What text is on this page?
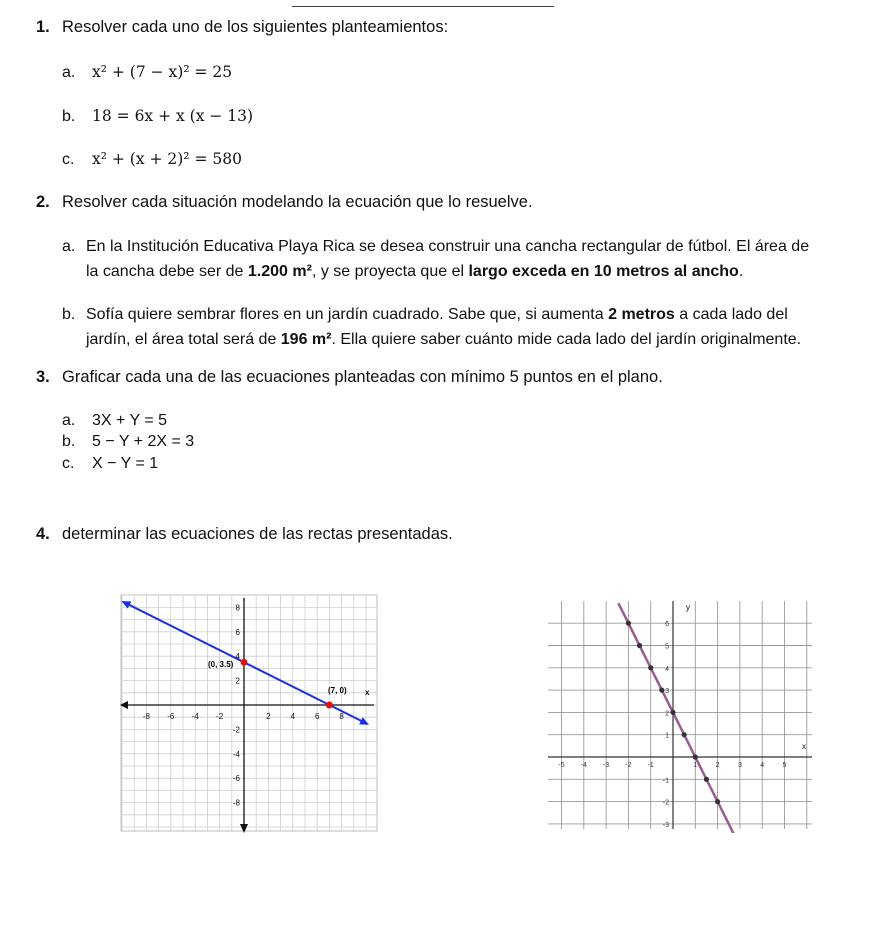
1. Resolver cada uno de los siguientes planteamientos:
a. x² + (7 − x)² = 25
b. 18 = 6x + x (x − 13)
c. x² + (x + 2)² = 580
2. Resolver cada situación modelando la ecuación que lo resuelve.
a. En la Institución Educativa Playa Rica se desea construir una cancha rectangular de fútbol. El área de
la cancha debe ser de 1.200 m², y se proyecta que el largo exceda en 10 metros al ancho.
b. Sofía quiere sembrar flores en un jardín cuadrado. Sabe que, si aumenta 2 metros a cada lado del
jardín, el área total será de 196 m². Ella quiere saber cuánto mide cada lado del jardín originalmente.
3. Graficar cada una de las ecuaciones planteadas con mínimo 5 puntos en el plano.
a. 3X + Y = 5
b. 5 − Y + 2X = 3
c. X − Y = 1
4. determinar las ecuaciones de las rectas presentadas.
-8 -6 -4 -2	2 4 6 8
8
6
4
2
-2
-4
-6
-8
(0, 3.5)
(7, 0) x
-5 -4 -3 -2 -1	1	2	3	4	5
6
5
4
3
2
1
-1
-2
-3
y
x
